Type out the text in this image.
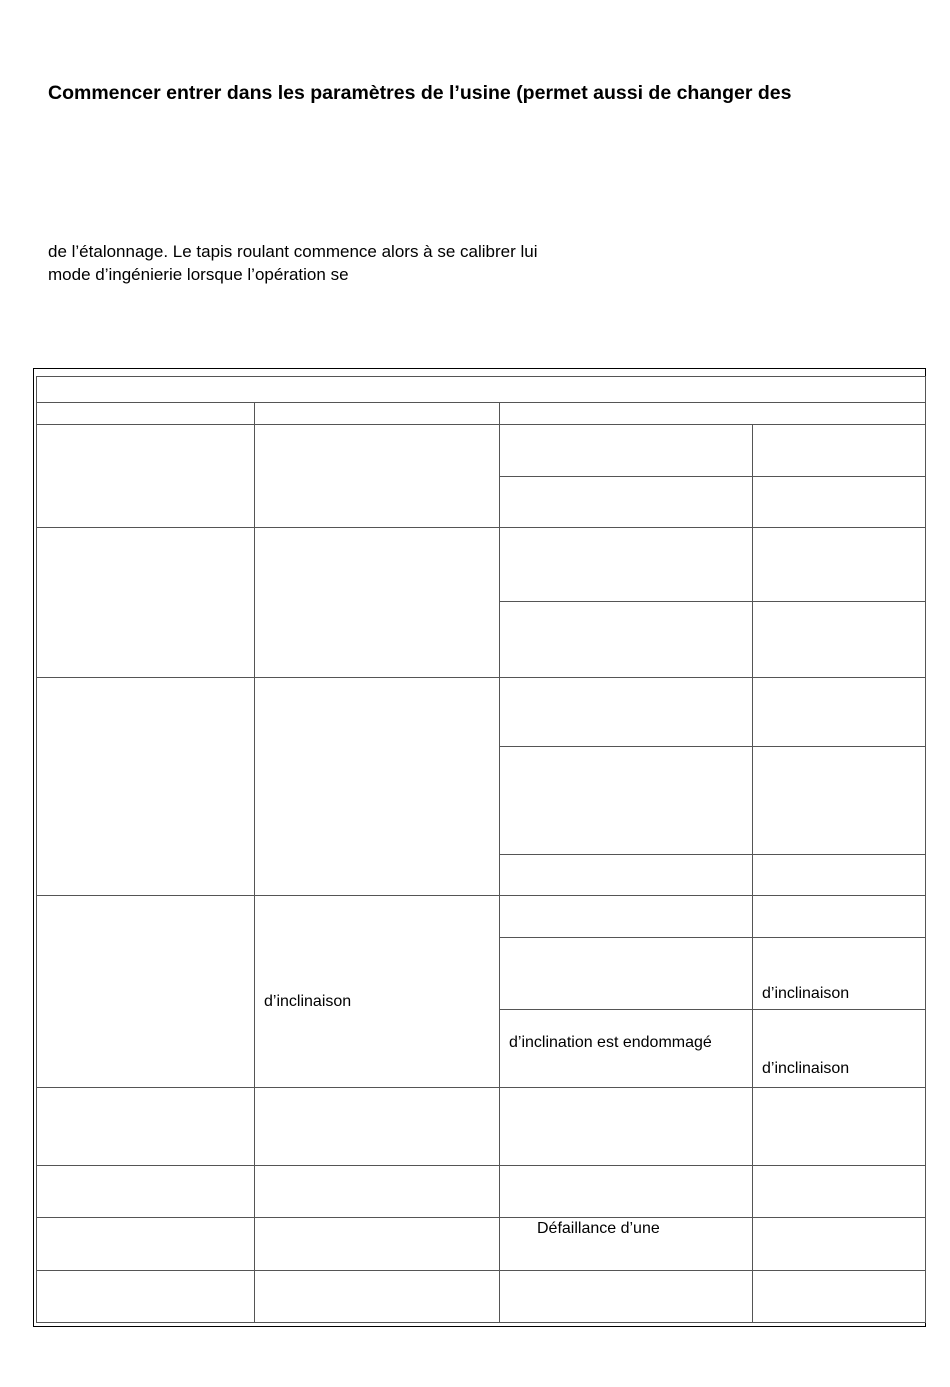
Commencer entrer dans les paramètres de l’usine (permet aussi de changer des

de l’étalonnage. Le tapis roulant commence alors à se calibrer lui

mode d’ingénierie lorsque l’opération se

d’inclinaison	d’inclinaison
d’inclination est endommagé
d’inclinaison
Défaillance d’une
